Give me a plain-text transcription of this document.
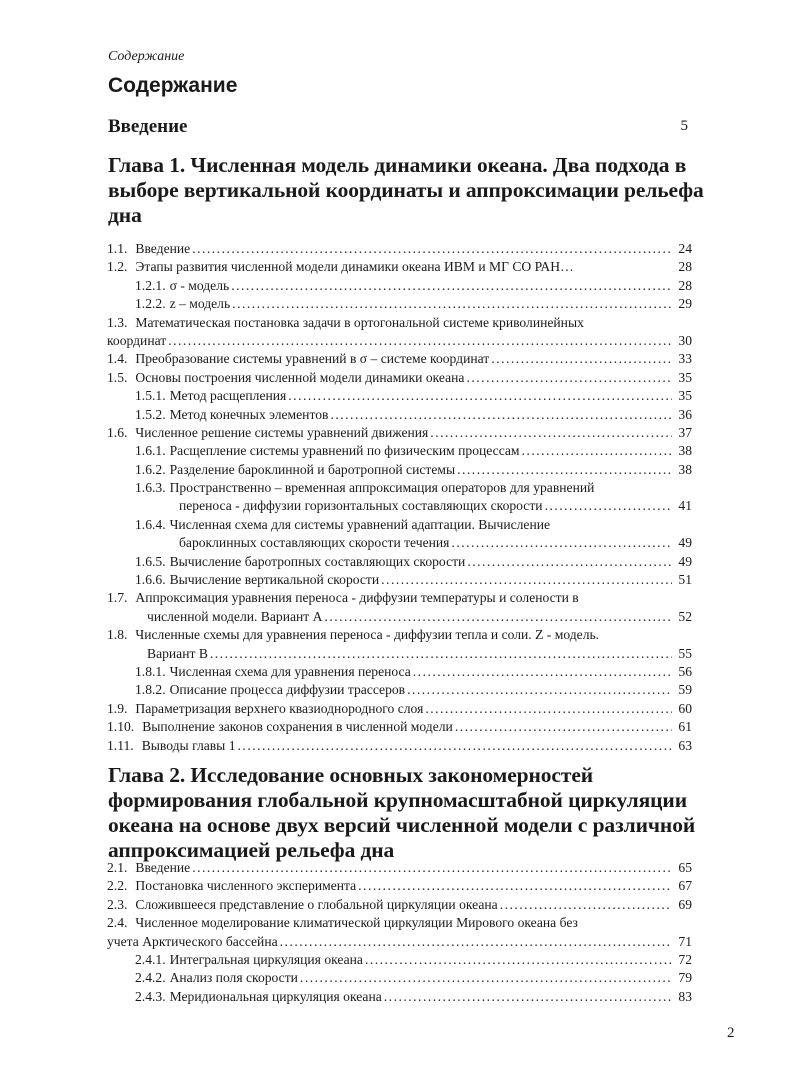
Содержание
Содержание
Введение	5
Глава 1. Численная модель динамики океана. Два подхода в
выборе вертикальной координаты и аппроксимации рельефа
дна
1.1. Введение .....	24
1.2. Этапы развития численной модели динамики океана ИВМ и МГ СО РАН…	28
1.2.1. σ - модель .....	28
1.2.2. z – модель .....	29
1.3. Математическая постановка задачи в ортогональной системе криволинейных
координат .....	30
1.4. Преобразование системы уравнений в σ – системе координат .....	33
1.5. Основы построения численной модели динамики океана .....	35
1.5.1. Метод расщепления .....	35
1.5.2. Метод конечных элементов .....	36
1.6. Численное решение системы уравнений движения .....	37
1.6.1. Расщепление системы уравнений по физическим процессам .....	38
1.6.2. Разделение бароклинной и баротропной системы .....	38
1.6.3. Пространственно – временная аппроксимация операторов для уравнений
переноса - диффузии горизонтальных составляющих скорости .....	41
1.6.4. Численная схема для системы уравнений адаптации. Вычисление
бароклинных составляющих скорости течения .....	49
1.6.5. Вычисление баротропных составляющих скорости .....	49
1.6.6. Вычисление вертикальной скорости .....	51
1.7. Аппроксимация уравнения переноса - диффузии температуры и солености в
численной модели. Вариант А .....	52
1.8. Численные схемы для уравнения переноса - диффузии тепла и соли. Z - модель.
Вариант В .....	55
1.8.1. Численная схема для уравнения переноса .....	56
1.8.2. Описание процесса диффузии трассеров .....	59
1.9. Параметризация верхнего квазиоднородного слоя .....	60
1.10. Выполнение законов сохранения в численной модели .....	61
1.11. Выводы главы 1 .....	63
Глава 2. Исследование основных закономерностей
формирования глобальной крупномасштабной циркуляции
океана на основе двух версий численной модели с различной
аппроксимацией рельефа дна
2.1. Введение .....	65
2.2. Постановка численного эксперимента .....	67
2.3. Сложившееся представление о глобальной циркуляции океана .....	69
2.4. Численное моделирование климатической циркуляции Мирового океана без
учета Арктического бассейна .....	71
2.4.1. Интегральная циркуляция океана .....	72
2.4.2. Анализ поля скорости .....	79
2.4.3. Меридиональная циркуляция океана .....	83
2
